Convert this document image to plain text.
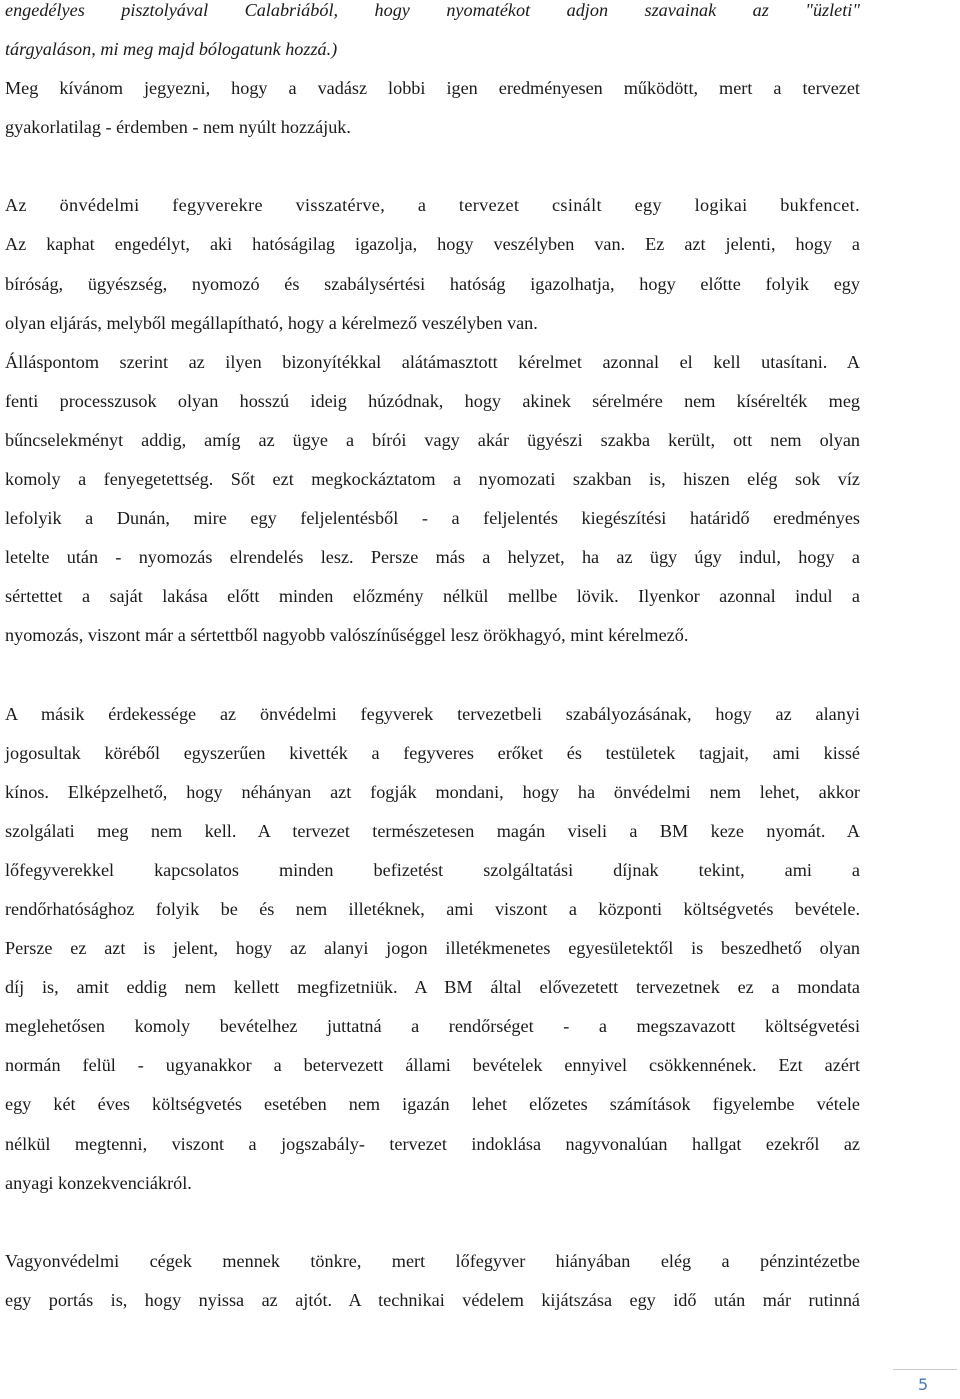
engedélyes pisztolyával Calabriából, hogy nyomatékot adjon szavainak az "üzleti"
tárgyaláson, mi meg majd bólogatunk hozzá.)
Meg kívánom jegyezni, hogy a vadász lobbi igen eredményesen működött, mert a tervezet
gyakorlatilag - érdemben - nem nyúlt hozzájuk.

Az önvédelmi fegyverekre visszatérve, a tervezet csinált egy logikai bukfencet.
Az kaphat engedélyt, aki hatóságilag igazolja, hogy veszélyben van. Ez azt jelenti, hogy a
bíróság, ügyészség, nyomozó és szabálysértési hatóság igazolhatja, hogy előtte folyik egy
olyan eljárás, melyből megállapítható, hogy a kérelmező veszélyben van.
Álláspontom szerint az ilyen bizonyítékkal alátámasztott kérelmet azonnal el kell utasítani. A
fenti processzusok olyan hosszú ideig húzódnak, hogy akinek sérelmére nem kísérelték meg
bűncselekményt addig, amíg az ügye a bírói vagy akár ügyészi szakba került, ott nem olyan
komoly a fenyegetettség. Sőt ezt megkockáztatom a nyomozati szakban is, hiszen elég sok víz
lefolyik a Dunán, mire egy feljelentésből - a feljelentés kiegészítési határidő eredményes
letelte után - nyomozás elrendelés lesz. Persze más a helyzet, ha az ügy úgy indul, hogy a
sértettet a saját lakása előtt minden előzmény nélkül mellbe lövik. Ilyenkor azonnal indul a
nyomozás, viszont már a sértettből nagyobb valószínűséggel lesz örökhagyó, mint kérelmező.

A másik érdekessége az önvédelmi fegyverek tervezetbeli szabályozásának, hogy az alanyi
jogosultak köréből egyszerűen kivették a fegyveres erőket és testületek tagjait, ami kissé
kínos. Elképzelhető, hogy néhányan azt fogják mondani, hogy ha önvédelmi nem lehet, akkor
szolgálati meg nem kell. A tervezet természetesen magán viseli a BM keze nyomát. A
lőfegyverekkel kapcsolatos minden befizetést szolgáltatási díjnak tekint, ami a
rendőrhatósághoz folyik be és nem illetéknek, ami viszont a központi költségvetés bevétele.
Persze ez azt is jelent, hogy az alanyi jogon illetékmenetes egyesületektől is beszedhető olyan
díj is, amit eddig nem kellett megfizetniük. A BM által elővezetett tervezetnek ez a mondata
meglehetősen komoly bevételhez juttatná a rendőrséget - a megszavazott költségvetési
normán felül - ugyanakkor a betervezett állami bevételek ennyivel csökkennének. Ezt azért
egy két éves költségvetés esetében nem igazán lehet előzetes számítások figyelembe vétele
nélkül megtenni, viszont a jogszabály- tervezet indoklása nagyvonalúan hallgat ezekről az
anyagi konzekvenciákról.

Vagyonvédelmi cégek mennek tönkre, mert lőfegyver hiányában elég a pénzintézetbe
egy portás is, hogy nyissa az ajtót. A technikai védelem kijátszása egy idő után már rutinná

5
